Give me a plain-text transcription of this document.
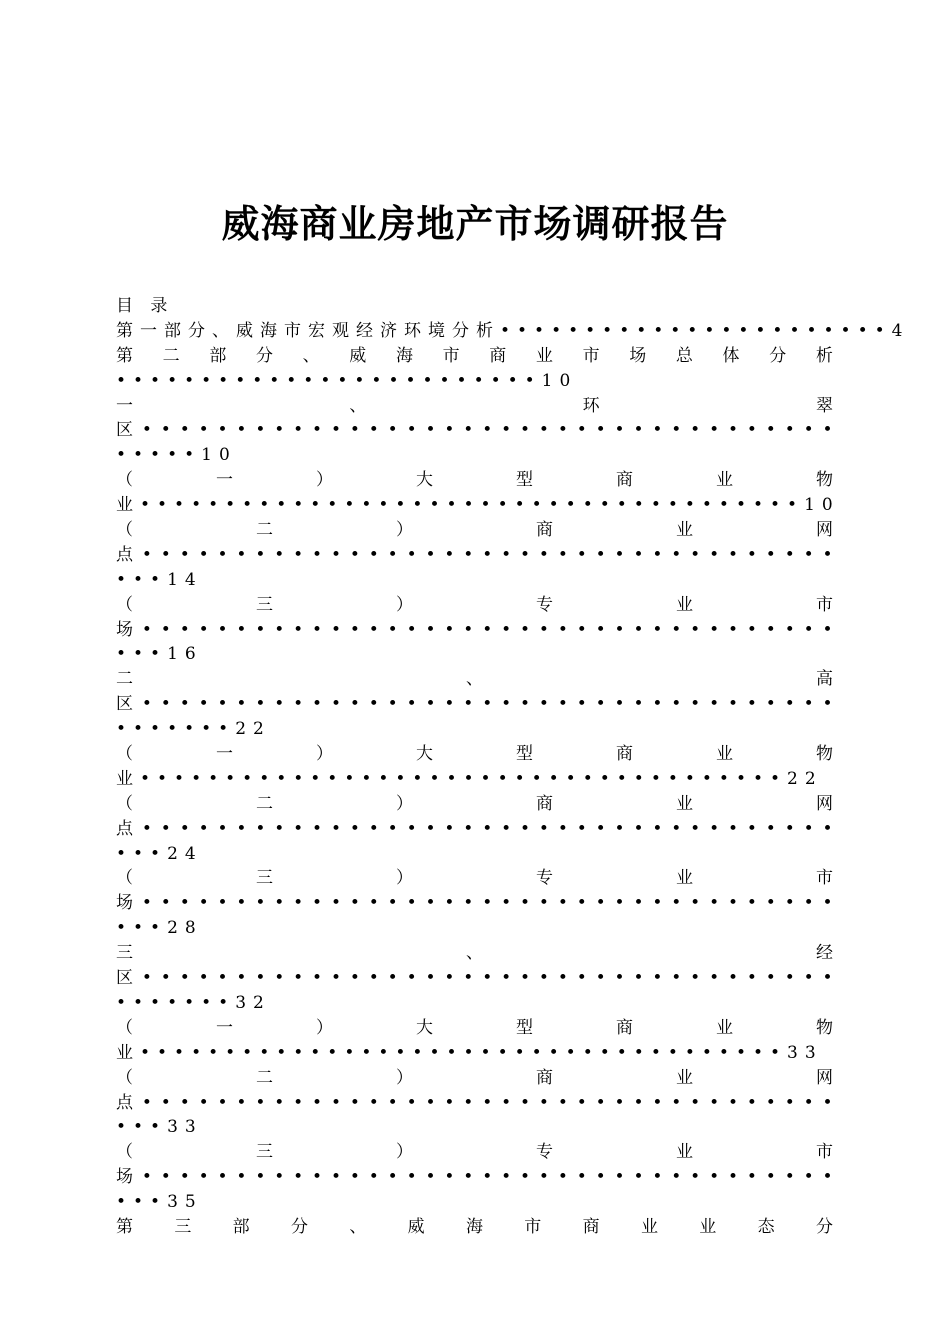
威海商业房地产市场调研报告
目 录
第一部分、威海市宏观经济环境分析•••••••••••••••••••••••4
第 二 部 分 、 威 海 市 商 业 市 场 总 体 分 析
•••••••••••••••••••••••••10
一	、	环	翠
区 • • • • • • • • • • • • • • • • • • • • • • • • • • • • • • • • • • • • •
•••••10
（	一	）	大	型	商	业	物
业•••••••••••••••••••••••••••••••••••••••10
（	二	）	商	业	网
点 • • • • • • • • • • • • • • • • • • • • • • • • • • • • • • • • • • • • •
•••14
（	三	）	专	业	市
场 • • • • • • • • • • • • • • • • • • • • • • • • • • • • • • • • • • • • •
•••16
二	、	高
区 • • • • • • • • • • • • • • • • • • • • • • • • • • • • • • • • • • • • •
•••••••22
（	一	）	大	型	商	业	物
业••••••••••••••••••••••••••••••••••••••22
（	二	）	商	业	网
点 • • • • • • • • • • • • • • • • • • • • • • • • • • • • • • • • • • • • •
•••24
（	三	）	专	业	市
场 • • • • • • • • • • • • • • • • • • • • • • • • • • • • • • • • • • • • •
•••28
三	、	经
区 • • • • • • • • • • • • • • • • • • • • • • • • • • • • • • • • • • • • •
•••••••32
（	一	）	大	型	商	业	物
业••••••••••••••••••••••••••••••••••••••33
（	二	）	商	业	网
点 • • • • • • • • • • • • • • • • • • • • • • • • • • • • • • • • • • • • •
•••33
（	三	）	专	业	市
场 • • • • • • • • • • • • • • • • • • • • • • • • • • • • • • • • • • • • •
•••35
第 三 部 分 、 威 海 市 商 业 业 态 分
